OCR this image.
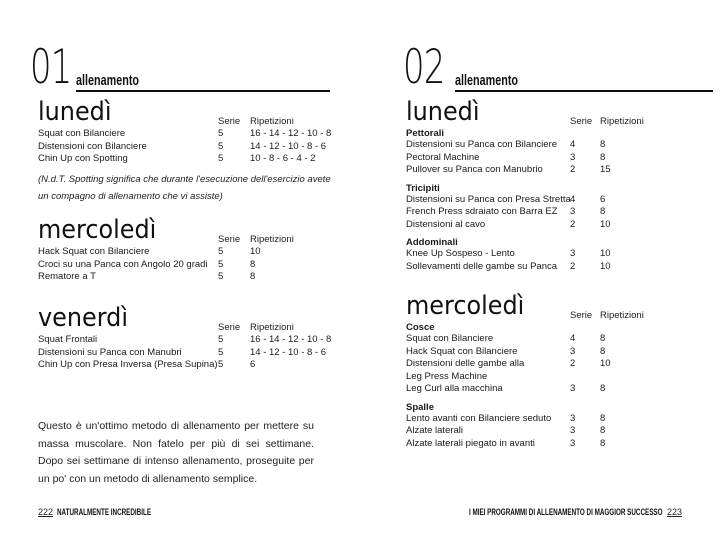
01 allenamento
lunedì	Serie Ripetizioni
Squat con Bilanciere	5	16 - 14 - 12 - 10 - 8
Distensioni con Bilanciere	5	14 - 12 - 10 - 8 - 6
Chin Up con Spotting	5	10 - 8 - 6 - 4 - 2
(N.d.T. Spotting significa che durante l'esecuzione dell'esercizio avete un compagno di allenamento che vi assiste)
mercoledì	Serie Ripetizioni
Hack Squat con Bilanciere	5	10
Croci su una Panca con Angolo 20 gradi 5	8
Rematore a T	5	8
venerdì	Serie Ripetizioni
Squat Frontali	5	16 - 14 - 12 - 10 - 8
Distensioni su Panca con Manubri	5	14 - 12 - 10 - 8 - 6
Chin Up con Presa Inversa (Presa Supina) 5	6
Questo è un'ottimo metodo di allenamento per mettere su massa muscolare. Non fatelo per più di sei settimane. Dopo sei settimane di intenso allenamento, proseguite per un po' con un metodo di allenamento semplice.
222 NATURALMENTE INCREDIBILE
02 allenamento
lunedì	Serie Ripetizioni
Pettorali
Distensioni su Panca con Bilanciere 4	8
Pectoral Machine	3	8
Pullover su Panca con Manubrio	2	15
Tricipiti
Distensioni su Panca con Presa Stretta 4	6
French Press sdraiato con Barra EZ 3	8
Distensioni al cavo	2	10
Addominali
Knee Up Sospeso - Lento	3	10
Sollevamenti delle gambe su Panca 2	10
mercoledì	Serie Ripetizioni
Cosce
Squat con Bilanciere	4	8
Hack Squat con Bilanciere	3	8
Distensioni delle gambe alla Leg Press Machine
2	10
Leg Curl alla macchina	3	8
Spalle
Lento avanti con Bilanciere seduto 3	8
Alzate laterali	3	8
Alzate laterali piegato in avanti	3	8
I MIEI PROGRAMMI DI ALLENAMENTO DI MAGGIOR SUCCESSO 223
